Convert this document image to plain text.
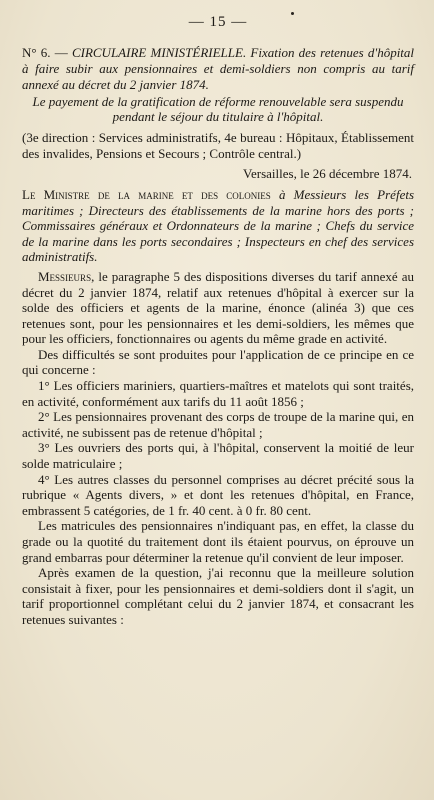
— 15 —

N° 6. — CIRCULAIRE MINISTÉRIELLE. Fixation des retenues d'hôpital à faire subir aux pensionnaires et demi-soldiers non compris au tarif annexé au décret du 2 janvier 1874.

Le payement de la gratification de réforme renouvelable sera suspendu pendant le séjour du titulaire à l'hôpital.

(3e direction : Services administratifs, 4e bureau : Hôpitaux, Établissement des invalides, Pensions et Secours ; Contrôle central.)

Versailles, le 26 décembre 1874.

Le Ministre de la marine et des colonies à Messieurs les Préfets maritimes ; Directeurs des établissements de la marine hors des ports ; Commissaires généraux et Ordonnateurs de la marine ; Chefs du service de la marine dans les ports secondaires ; Inspecteurs en chef des services administratifs.

Messieurs, le paragraphe 5 des dispositions diverses du tarif annexé au décret du 2 janvier 1874, relatif aux retenues d'hôpital à exercer sur la solde des officiers et agents de la marine, énonce (alinéa 3) que ces retenues sont, pour les pensionnaires et les demi-soldiers, les mêmes que pour les officiers, fonctionnaires ou agents du même grade en activité.

Des difficultés se sont produites pour l'application de ce principe en ce qui concerne :

1° Les officiers mariniers, quartiers-maîtres et matelots qui sont traités, en activité, conformément aux tarifs du 11 août 1856 ;

2° Les pensionnaires provenant des corps de troupe de la marine qui, en activité, ne subissent pas de retenue d'hôpital ;

3° Les ouvriers des ports qui, à l'hôpital, conservent la moitié de leur solde matriculaire ;

4° Les autres classes du personnel comprises au décret précité sous la rubrique « Agents divers, » et dont les retenues d'hôpital, en France, embrassent 5 catégories, de 1 fr. 40 cent. à 0 fr. 80 cent.

Les matricules des pensionnaires n'indiquant pas, en effet, la classe du grade ou la quotité du traitement dont ils étaient pourvus, on éprouve un grand embarras pour déterminer la retenue qu'il convient de leur imposer.

Après examen de la question, j'ai reconnu que la meilleure solution consistait à fixer, pour les pensionnaires et demi-soldiers dont il s'agit, un tarif proportionnel complétant celui du 2 janvier 1874, et consacrant les retenues suivantes :
